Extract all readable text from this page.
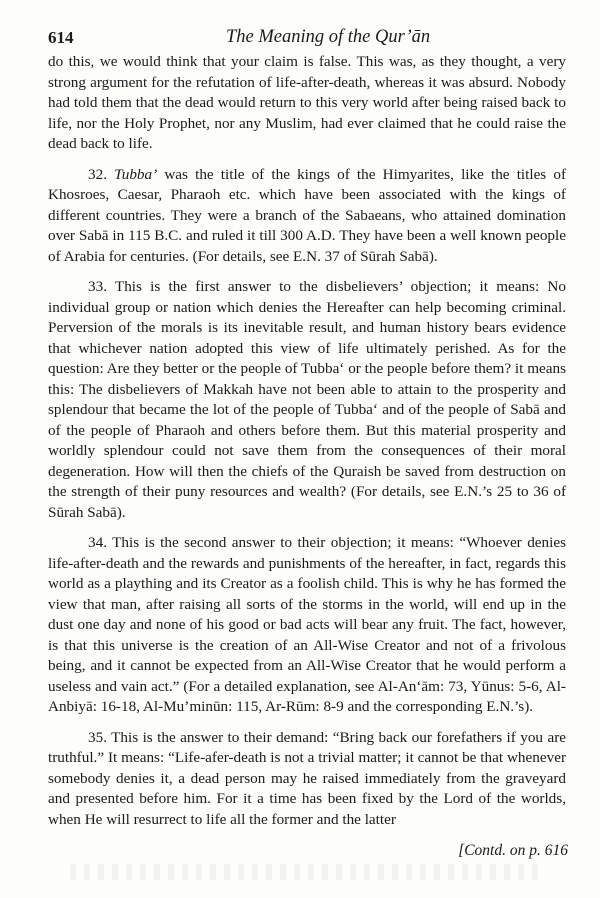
614	The Meaning of the Qur’ān

do this, we would think that your claim is false. This was, as they thought, a very strong argument for the refutation of life-after-death, whereas it was absurd. Nobody had told them that the dead would return to this very world after being raised back to life, nor the Holy Prophet, nor any Muslim, had ever claimed that he could raise the dead back to life.

32. Tubba’ was the title of the kings of the Himyarites, like the titles of Khosroes, Caesar, Pharaoh etc. which have been associated with the kings of different countries. They were a branch of the Sabaeans, who attained domination over Sabā in 115 B.C. and ruled it till 300 A.D. They have been a well known people of Arabia for centuries. (For details, see E.N. 37 of Sūrah Sabā).

33. This is the first answer to the disbelievers’ objection; it means: No individual group or nation which denies the Hereafter can help becoming criminal. Perversion of the morals is its inevitable result, and human history bears evidence that whichever nation adopted this view of life ultimately perished. As for the question: Are they better or the people of Tubba‘ or the people before them? it means this: The disbelievers of Makkah have not been able to attain to the prosperity and splendour that became the lot of the people of Tubba‘ and of the people of Sabā and of the people of Pharaoh and others before them. But this material prosperity and worldly splendour could not save them from the consequences of their moral degeneration. How will then the chiefs of the Quraish be saved from destruction on the strength of their puny resources and wealth? (For details, see E.N.’s 25 to 36 of Sūrah Sabā).

34. This is the second answer to their objection; it means: “Whoever denies life-after-death and the rewards and punishments of the hereafter, in fact, regards this world as a plaything and its Creator as a foolish child. This is why he has formed the view that man, after raising all sorts of the storms in the world, will end up in the dust one day and none of his good or bad acts will bear any fruit. The fact, however, is that this universe is the creation of an All-Wise Creator and not of a frivolous being, and it cannot be expected from an All-Wise Creator that he would perform a useless and vain act.” (For a detailed explanation, see Al-An‘ām: 73, Yūnus: 5-6, Al-Anbiyā: 16-18, Al-Mu’minūn: 115, Ar-Rūm: 8-9 and the corresponding E.N.’s).

35. This is the answer to their demand: “Bring back our forefathers if you are truthful.” It means: “Life-afer-death is not a trivial matter; it cannot be that whenever somebody denies it, a dead person may he raised immediately from the graveyard and presented before him. For it a time has been fixed by the Lord of the worlds, when He will resurrect to life all the former and the latter

[Contd. on p. 616
